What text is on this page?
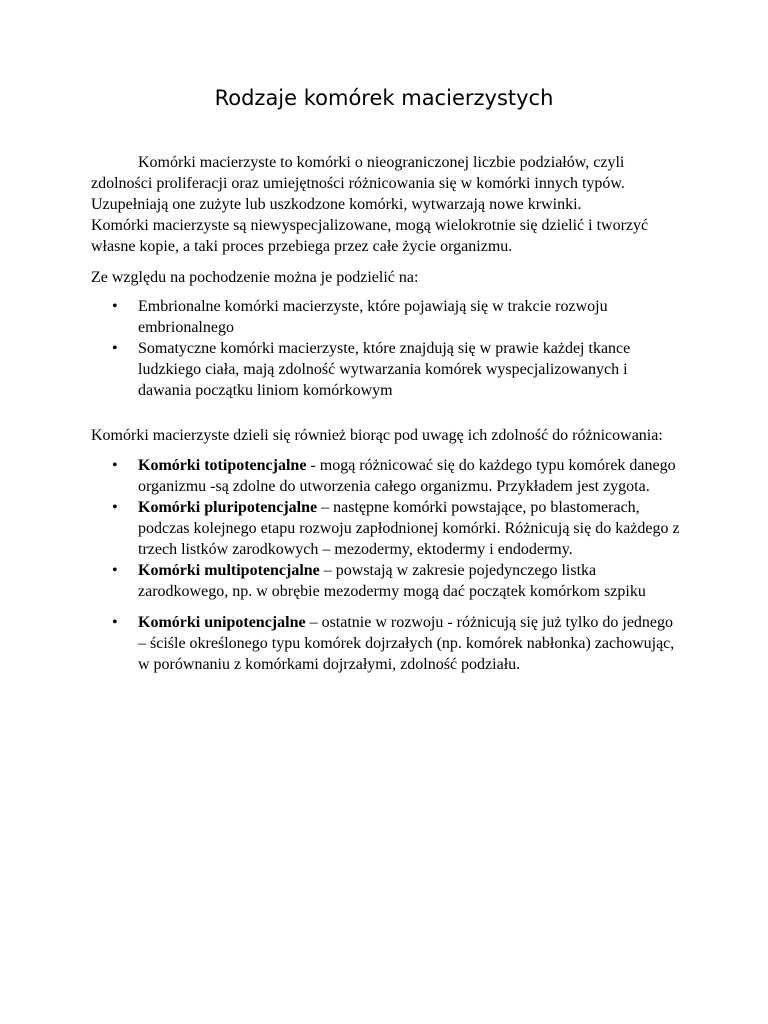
Rodzaje komórek macierzystych

Komórki macierzyste to komórki o nieograniczonej liczbie podziałów, czyli zdolności proliferacji oraz umiejętności różnicowania się w komórki innych typów. Uzupełniają one zużyte lub uszkodzone komórki, wytwarzają nowe krwinki.

Komórki macierzyste są niewyspecjalizowane, mogą wielokrotnie się dzielić i tworzyć własne kopie, a taki proces przebiega przez całe życie organizmu.

Ze względu na pochodzenie można je podzielić na:

• Embrionalne komórki macierzyste, które pojawiają się w trakcie rozwoju embrionalnego
• Somatyczne komórki macierzyste, które znajdują się w prawie każdej tkance ludzkiego ciała, mają zdolność wytwarzania komórek wyspecjalizowanych i dawania początku liniom komórkowym

Komórki macierzyste dzieli się również biorąc pod uwagę ich zdolność do różnicowania:

• Komórki totipotencjalne - mogą różnicować się do każdego typu komórek danego organizmu -są zdolne do utworzenia całego organizmu. Przykładem jest zygota.
• Komórki pluripotencjalne – następne komórki powstające, po blastomerach, podczas kolejnego etapu rozwoju zapłodnionej komórki. Różnicują się do każdego z trzech listków zarodkowych – mezodermy, ektodermy i endodermy.
• Komórki multipotencjalne – powstają w zakresie pojedynczego listka zarodkowego, np. w obrębie mezodermy mogą dać początek komórkom szpiku
• Komórki unipotencjalne – ostatnie w rozwoju - różnicują się już tylko do jednego – ściśle określonego typu komórek dojrzałych (np. komórek nabłonka) zachowując, w porównaniu z komórkami dojrzałymi, zdolność podziału.
